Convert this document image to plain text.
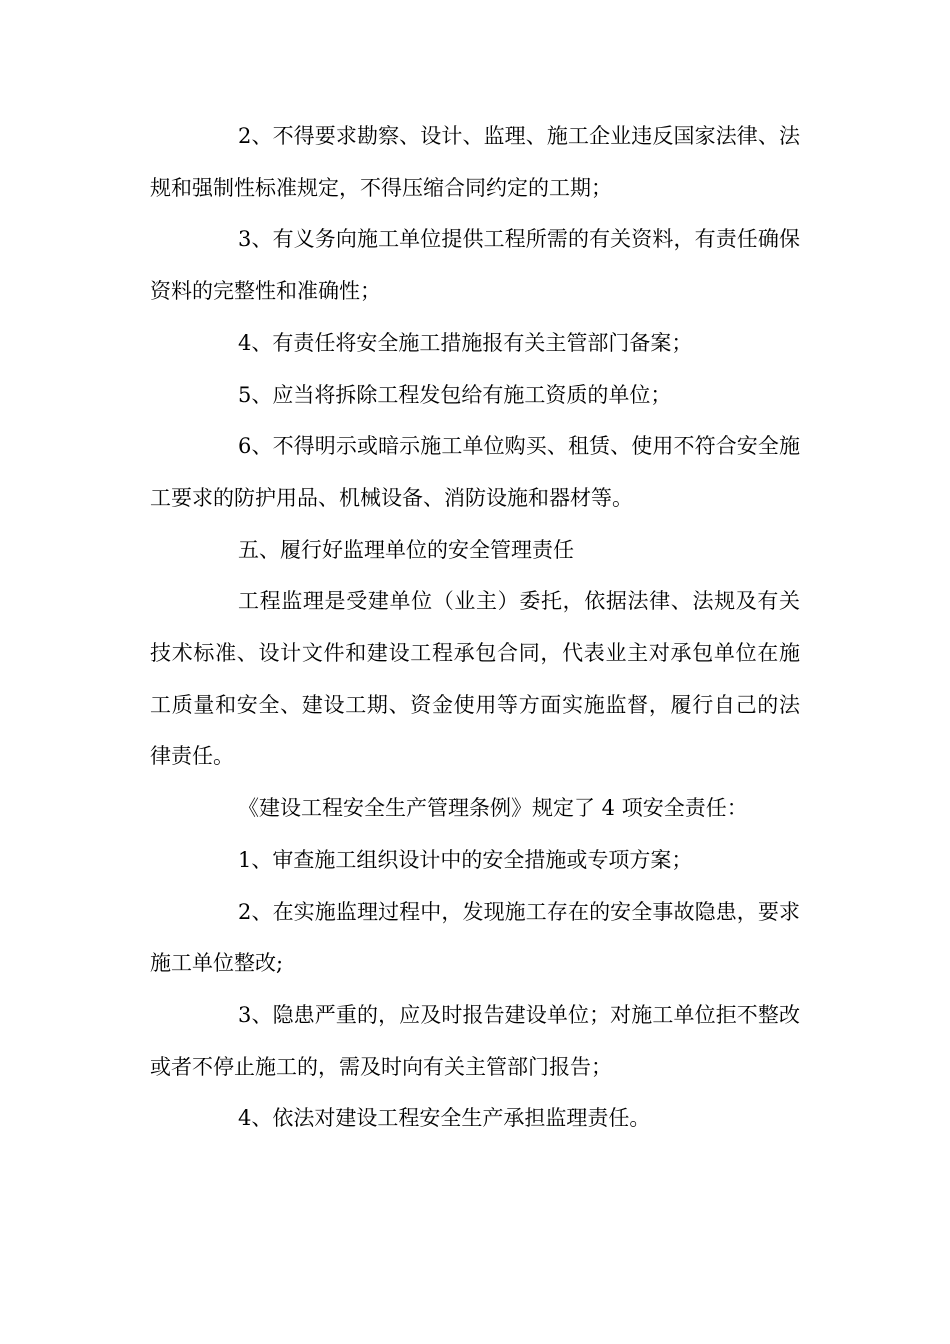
2、不得要求勘察、设计、监理、施工企业违反国家法律、法规和强制性标准规定，不得压缩合同约定的工期；

3、有义务向施工单位提供工程所需的有关资料，有责任确保资料的完整性和准确性；

4、有责任将安全施工措施报有关主管部门备案；

5、应当将拆除工程发包给有施工资质的单位；

6、不得明示或暗示施工单位购买、租赁、使用不符合安全施工要求的防护用品、机械设备、消防设施和器材等。

五、履行好监理单位的安全管理责任

工程监理是受建单位（业主）委托，依据法律、法规及有关技术标准、设计文件和建设工程承包合同，代表业主对承包单位在施工质量和安全、建设工期、资金使用等方面实施监督，履行自己的法律责任。

《建设工程安全生产管理条例》规定了 4 项安全责任：

1、审查施工组织设计中的安全措施或专项方案；

2、在实施监理过程中，发现施工存在的安全事故隐患，要求施工单位整改;

3、隐患严重的，应及时报告建设单位；对施工单位拒不整改或者不停止施工的，需及时向有关主管部门报告；

4、依法对建设工程安全生产承担监理责任。
